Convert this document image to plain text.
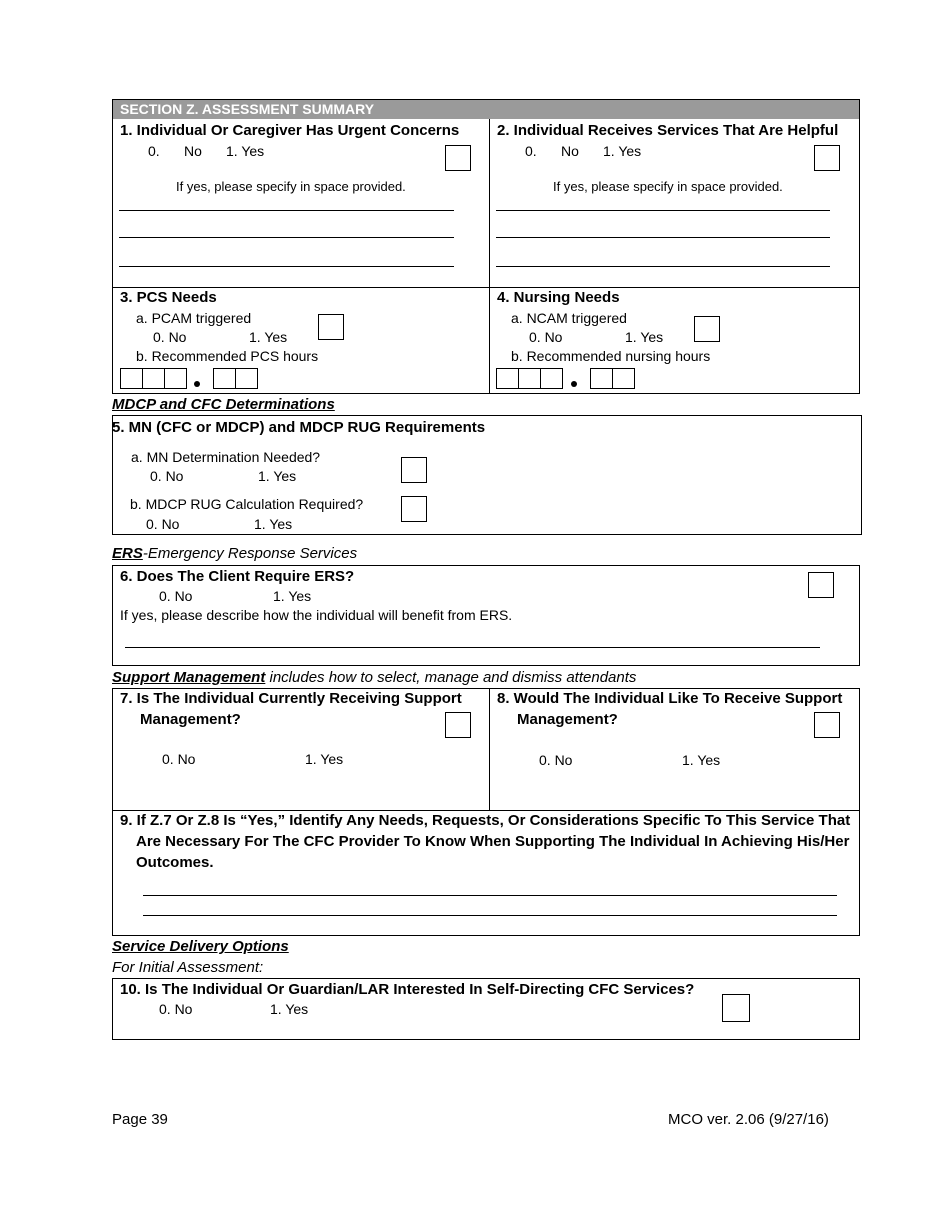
SECTION Z. ASSESSMENT SUMMARY
1. Individual Or Caregiver Has Urgent Concerns
0. No 1. Yes
If yes, please specify in space provided.
2. Individual Receives Services That Are Helpful
0. No 1. Yes
If yes, please specify in space provided.
3. PCS Needs
a. PCAM triggered
0. No	1. Yes
b. Recommended PCS hours
4. Nursing Needs
a. NCAM triggered
0. No	1. Yes
b. Recommended nursing hours
MDCP and CFC Determinations
5. MN (CFC or MDCP) and MDCP RUG Requirements
a. MN Determination Needed?
0. No	1. Yes
b. MDCP RUG Calculation Required?
0. No	1. Yes
ERS-Emergency Response Services
6. Does The Client Require ERS?
0. No	1. Yes
If yes, please describe how the individual will benefit from ERS.
Support Management includes how to select, manage and dismiss attendants
7. Is The Individual Currently Receiving Support
Management?
0. No	1. Yes
8. Would The Individual Like To Receive Support
Management?
0. No	1. Yes
9. If Z.7 Or Z.8 Is “Yes,” Identify Any Needs, Requests, Or Considerations Specific To This Service That
Are Necessary For The CFC Provider To Know When Supporting The Individual In Achieving His/Her
Outcomes.
Service Delivery Options
For Initial Assessment:
10. Is The Individual Or Guardian/LAR Interested In Self-Directing CFC Services?
0. No	1. Yes
Page 39	MCO ver. 2.06 (9/27/16)
